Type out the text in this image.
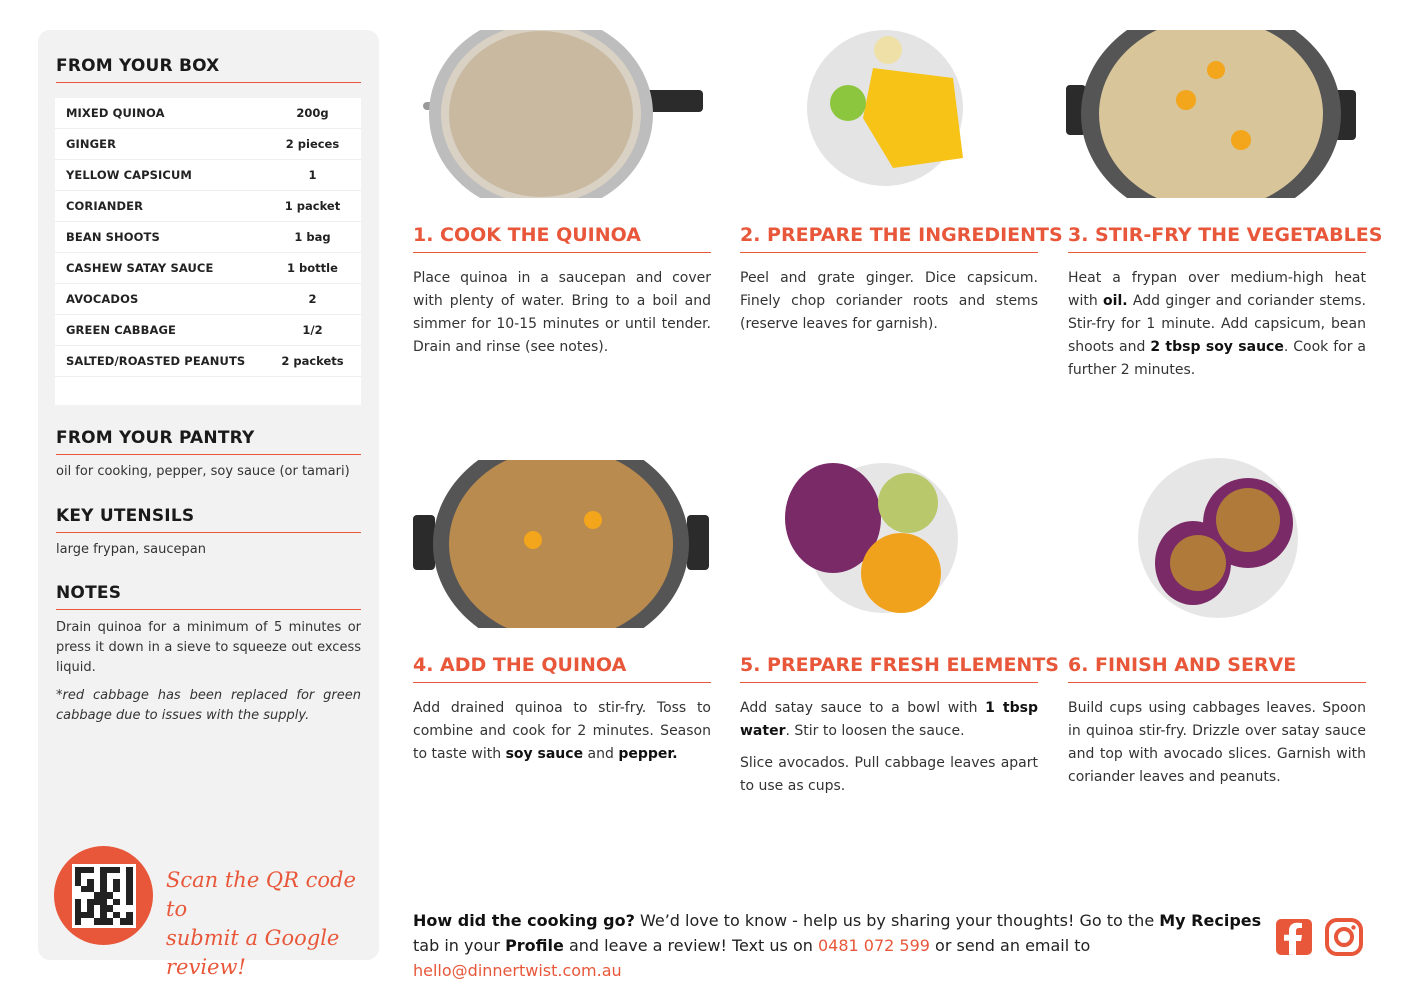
FROM YOUR BOX
MIXED QUINOA	200g
GINGER	2 pieces
YELLOW CAPSICUM	1
CORIANDER	1 packet
BEAN SHOOTS	1 bag
CASHEW SATAY SAUCE	1 bottle
AVOCADOS	2
GREEN CABBAGE	1/2
SALTED/ROASTED PEANUTS	2 packets
FROM YOUR PANTRY
oil for cooking, pepper, soy sauce (or tamari)
KEY UTENSILS
large frypan, saucepan
NOTES
Drain quinoa for a minimum of 5 minutes or press it down in a sieve to squeeze out excess liquid.
*red cabbage has been replaced for green cabbage due to issues with the supply.
Scan the QR code to
submit a Google review!
1. COOK THE QUINOA
Place quinoa in a saucepan and cover with plenty of water. Bring to a boil and simmer for 10-15 minutes or until tender. Drain and rinse (see notes).
2. PREPARE THE INGREDIENTS
Peel and grate ginger. Dice capsicum. Finely chop coriander roots and stems (reserve leaves for garnish).
3. STIR-FRY THE VEGETABLES
Heat a frypan over medium-high heat with oil. Add ginger and coriander stems. Stir-fry for 1 minute. Add capsicum, bean shoots and 2 tbsp soy sauce. Cook for a further 2 minutes.
4. ADD THE QUINOA
Add drained quinoa to stir-fry. Toss to combine and cook for 2 minutes. Season to taste with soy sauce and pepper.
5. PREPARE FRESH ELEMENTS
Add satay sauce to a bowl with 1 tbsp water. Stir to loosen the sauce.
Slice avocados. Pull cabbage leaves apart to use as cups.
6. FINISH AND SERVE
Build cups using cabbages leaves. Spoon in quinoa stir-fry. Drizzle over satay sauce and top with avocado slices. Garnish with coriander leaves and peanuts.
How did the cooking go? We’d love to know - help us by sharing your thoughts! Go to the My Recipes tab in your Profile and leave a review! Text us on 0481 072 599 or send an email to hello@dinnertwist.com.au
